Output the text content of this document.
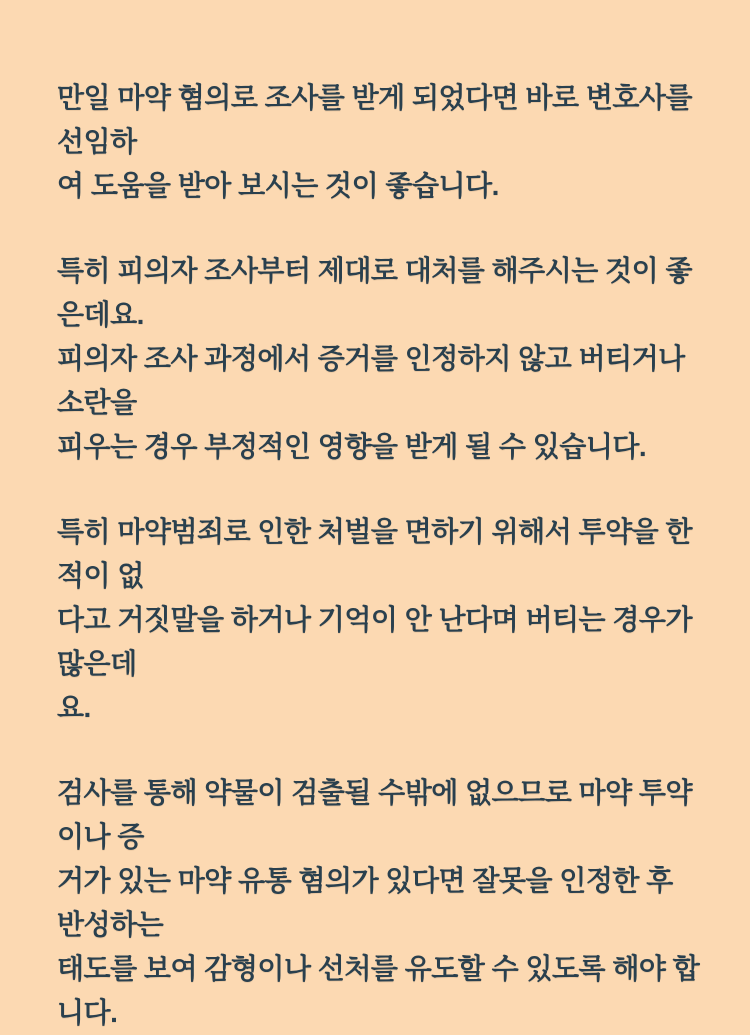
만일 마약 혐의로 조사를 받게 되었다면 바로 변호사를 선임하
여 도움을 받아 보시는 것이 좋습니다.
특히 피의자 조사부터 제대로 대처를 해주시는 것이 좋은데요.
피의자 조사 과정에서 증거를 인정하지 않고 버티거나 소란을
피우는 경우 부정적인 영향을 받게 될 수 있습니다.
특히 마약범죄로 인한 처벌을 면하기 위해서 투약을 한 적이 없
다고 거짓말을 하거나 기억이 안 난다며 버티는 경우가 많은데
요.
검사를 통해 약물이 검출될 수밖에 없으므로 마약 투약이나 증
거가 있는 마약 유통 혐의가 있다면 잘못을 인정한 후 반성하는
태도를 보여 감형이나 선처를 유도할 수 있도록 해야 합니다.
